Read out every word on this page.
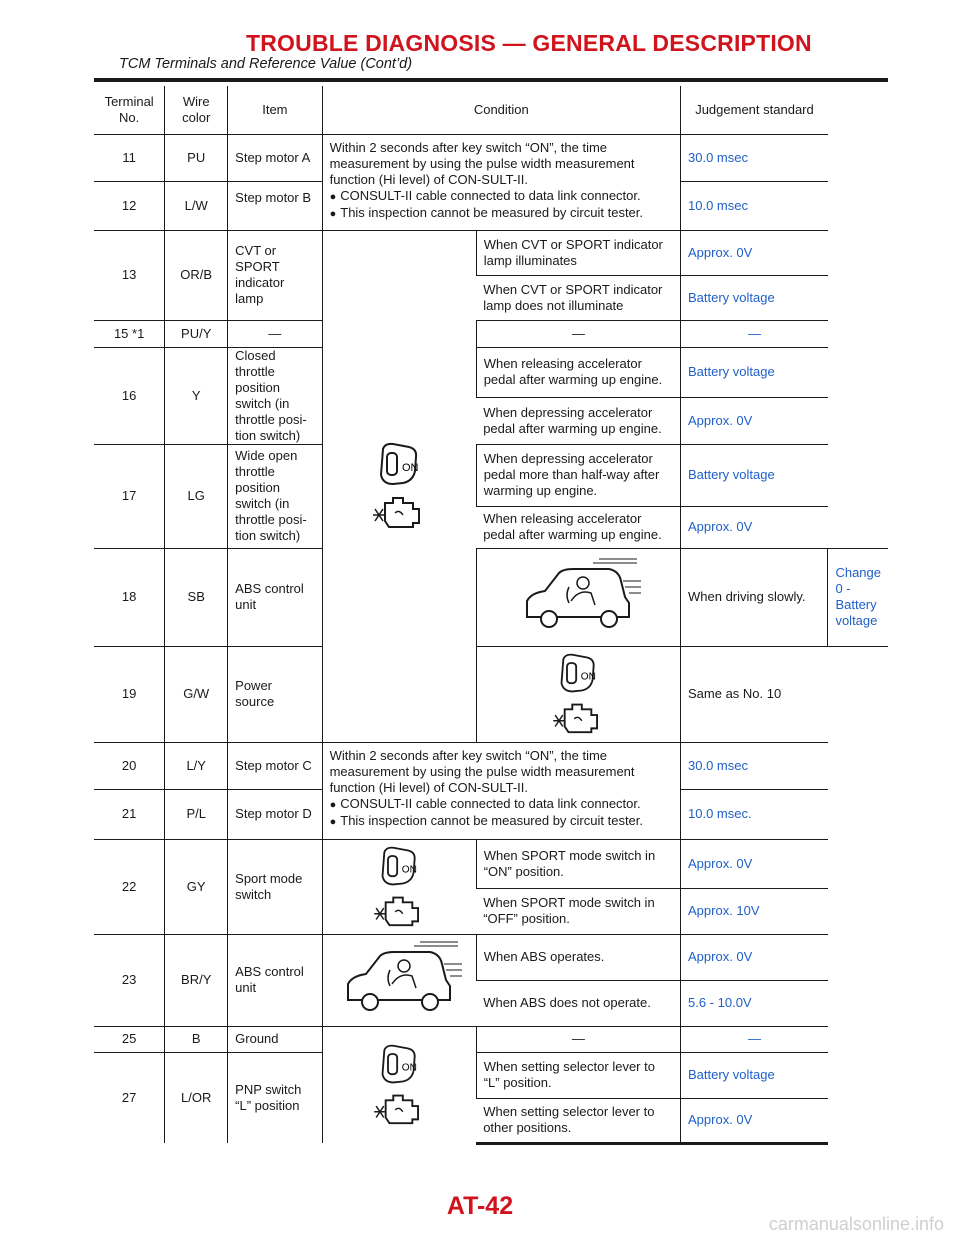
TROUBLE DIAGNOSIS — GENERAL DESCRIPTION
TCM Terminals and Reference Value (Cont’d)
Terminal No.	Wire color	Item	Condition		Judgement standard	
11	PU	Step motor A	Within 2 seconds after key switch “ON”, the time measurement by using the pulse width measurement function (Hi level) of CON-SULT-II.
● CONSULT-II cable connected to data link connector.
● This inspection cannot be measured by circuit tester.		30.0 msec	
12	L/W	Step motor B			10.0 msec	
13	OR/B	CVT or SPORT indicator lamp	ON	When CVT or SPORT indicator lamp illuminates	Approx. 0V	
				When CVT or SPORT indicator lamp does not illuminate	Battery voltage	
15 *1	PU/Y	—		—	—	
16	Y	Closed throttle position switch (in throttle posi-tion switch)		When releasing accelerator pedal after warming up engine.	Battery voltage	
				When depressing accelerator pedal after warming up engine.	Approx. 0V	
17	LG	Wide open throttle position switch (in throttle posi-tion switch)		When depressing accelerator pedal more than half-way after warming up engine.	Battery voltage	
				When releasing accelerator pedal after warming up engine.	Approx. 0V	
18	SB	ABS control unit			When driving slowly.	Change 0 - Battery voltage
19	G/W	Power source		ON	Same as No. 10	
20	L/Y	Step motor C	Within 2 seconds after key switch “ON”, the time measurement by using the pulse width measurement function (Hi level) of CON-SULT-II.
● CONSULT-II cable connected to data link connector.
● This inspection cannot be measured by circuit tester.		30.0 msec	
21	P/L	Step motor D			10.0 msec.	
22	GY	Sport mode switch	ON	When SPORT mode switch in “ON” position.	Approx. 0V	
				When SPORT mode switch in “OFF” position.	Approx. 10V	
23	BR/Y	ABS control unit		When ABS operates.	Approx. 0V	
				When ABS does not operate.	5.6 - 10.0V	
25	B	Ground	ON	—	—	
27	L/OR	PNP switch “L” position		When setting selector lever to “L” position.	Battery voltage	
				When setting selector lever to other positions.	Approx. 0V	
AT-42
carmanualsonline.info
